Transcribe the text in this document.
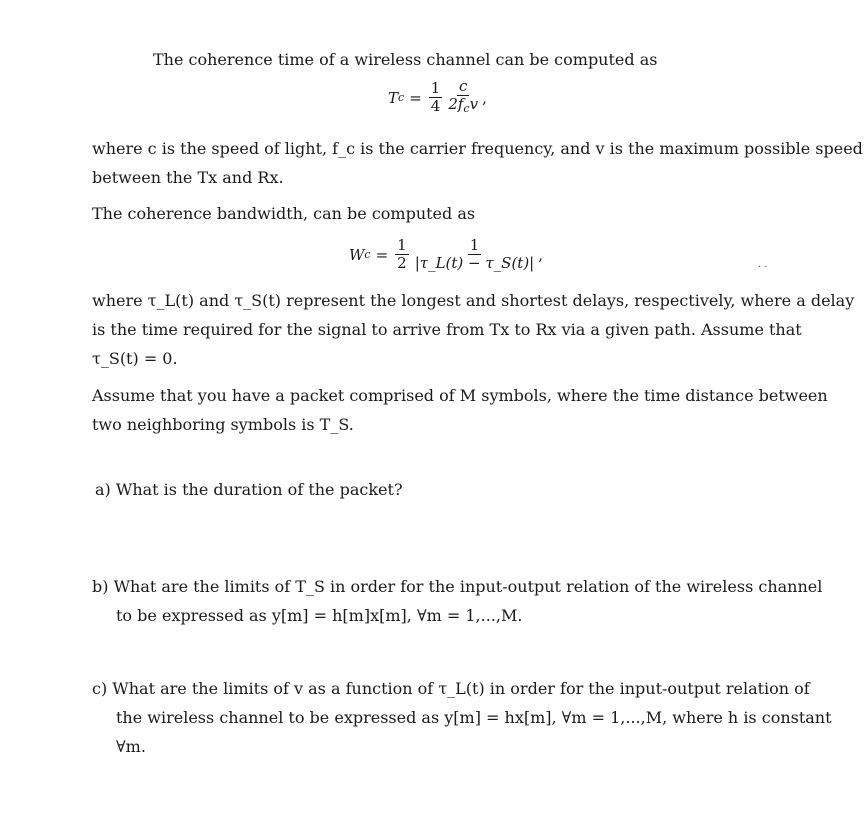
The coherence time of a wireless channel can be computed as
T $c = \frac{1}{4} \frac{c}{2f_cv}$ ,
where c is the speed of light, f_c is the carrier frequency, and v is the maximum possible speed
between the Tx and Rx.
The coherence bandwidth, can be computed as
W $c = \frac{1}{2} \frac{1}{|\tau\_L(t) - \tau\_S(t)|}$ ,
· ·
where τ_L(t) and τ_S(t) represent the longest and shortest delays, respectively, where a delay
is the time required for the signal to arrive from Tx to Rx via a given path. Assume that
τ_S(t) = 0.
Assume that you have a packet comprised of M symbols, where the time distance between
two neighboring symbols is T_S.
a) What is the duration of the packet?
b) What are the limits of T_S in order for the input-output relation of the wireless channel
to be expressed as y[m] = h[m]x[m], ∀m = 1,...,M.
c) What are the limits of v as a function of τ_L(t) in order for the input-output relation of
the wireless channel to be expressed as y[m] = hx[m], ∀m = 1,...,M, where h is constant
∀m.
